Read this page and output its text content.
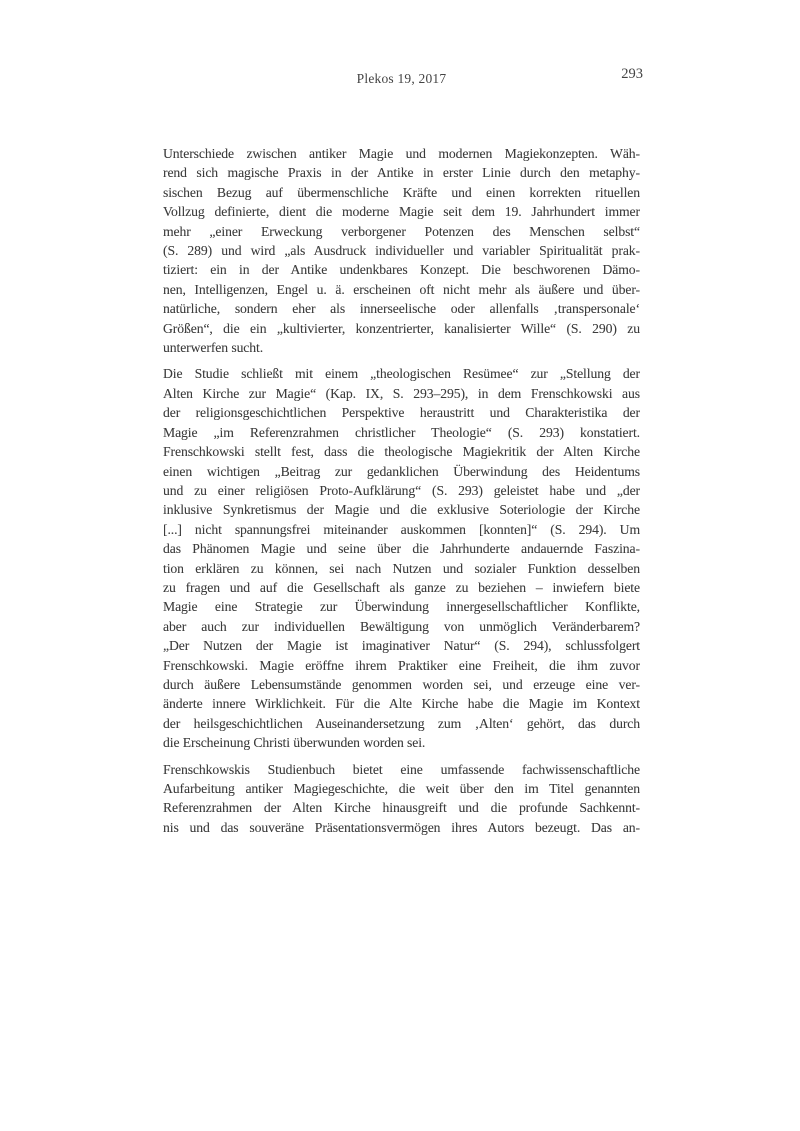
Plekos 19, 2017	293
Unterschiede zwischen antiker Magie und modernen Magiekonzepten. Wäh-
rend sich magische Praxis in der Antike in erster Linie durch den metaphy-
sischen Bezug auf übermenschliche Kräfte und einen korrekten rituellen
Vollzug definierte, dient die moderne Magie seit dem 19. Jahrhundert immer
mehr „einer Erweckung verborgener Potenzen des Menschen selbst“
(S. 289) und wird „als Ausdruck individueller und variabler Spiritualität prak-
tiziert: ein in der Antike undenkbares Konzept. Die beschworenen Dämo-
nen, Intelligenzen, Engel u. ä. erscheinen oft nicht mehr als äußere und über-
natürliche, sondern eher als innerseelische oder allenfalls ‚transpersonale‘
Größen“, die ein „kultivierter, konzentrierter, kanalisierter Wille“ (S. 290) zu
unterwerfen sucht.
Die Studie schließt mit einem „theologischen Resümee“ zur „Stellung der
Alten Kirche zur Magie“ (Kap. IX, S. 293–295), in dem Frenschkowski aus
der religionsgeschichtlichen Perspektive heraustritt und Charakteristika der
Magie „im Referenzrahmen christlicher Theologie“ (S. 293) konstatiert.
Frenschkowski stellt fest, dass die theologische Magiekritik der Alten Kirche
einen wichtigen „Beitrag zur gedanklichen Überwindung des Heidentums
und zu einer religiösen Proto-Aufklärung“ (S. 293) geleistet habe und „der
inklusive Synkretismus der Magie und die exklusive Soteriologie der Kirche
[...] nicht spannungsfrei miteinander auskommen [konnten]“ (S. 294). Um
das Phänomen Magie und seine über die Jahrhunderte andauernde Faszina-
tion erklären zu können, sei nach Nutzen und sozialer Funktion desselben
zu fragen und auf die Gesellschaft als ganze zu beziehen – inwiefern biete
Magie eine Strategie zur Überwindung innergesellschaftlicher Konflikte,
aber auch zur individuellen Bewältigung von unmöglich Veränderbarem?
„Der Nutzen der Magie ist imaginativer Natur“ (S. 294), schlussfolgert
Frenschkowski. Magie eröffne ihrem Praktiker eine Freiheit, die ihm zuvor
durch äußere Lebensumstände genommen worden sei, und erzeuge eine ver-
änderte innere Wirklichkeit. Für die Alte Kirche habe die Magie im Kontext
der heilsgeschichtlichen Auseinandersetzung zum ‚Alten‘ gehört, das durch
die Erscheinung Christi überwunden worden sei.
Frenschkowskis Studienbuch bietet eine umfassende fachwissenschaftliche
Aufarbeitung antiker Magiegeschichte, die weit über den im Titel genannten
Referenzrahmen der Alten Kirche hinausgreift und die profunde Sachkennt-
nis und das souveräne Präsentationsvermögen ihres Autors bezeugt. Das an-
